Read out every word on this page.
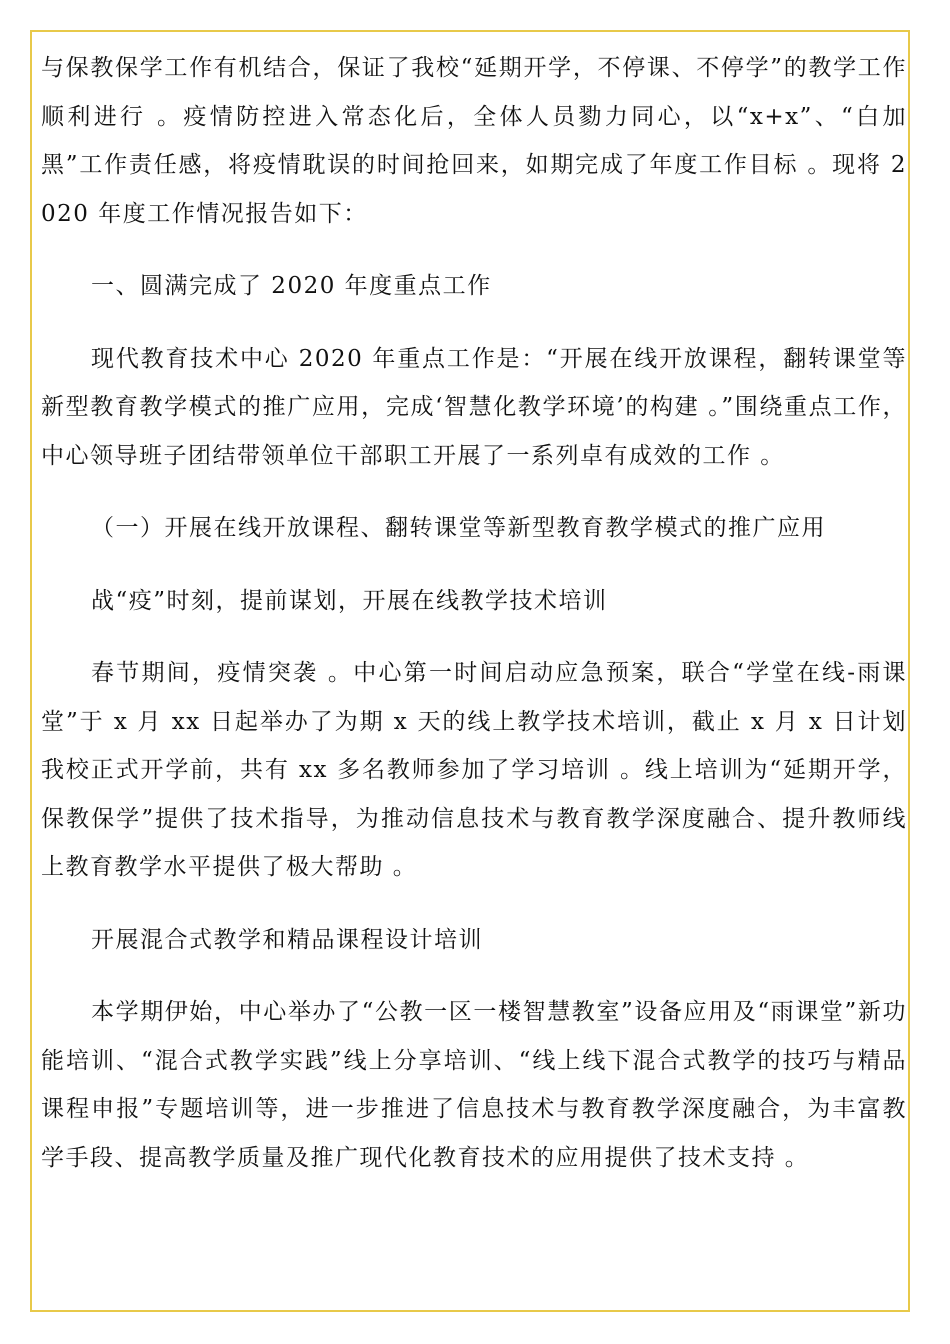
与保教保学工作有机结合，保证了我校“延期开学，不停课、不停学”的教学工作顺利进行 。疫情防控进入常态化后，全体人员勠力同心，以“x+x”、“白加黑”工作责任感，将疫情耽误的时间抢回来，如期完成了年度工作目标 。现将 2020 年度工作情况报告如下：

一、圆满完成了 2020 年度重点工作

现代教育技术中心 2020 年重点工作是：“开展在线开放课程，翻转课堂等新型教育教学模式的推广应用，完成‘智慧化教学环境’的构建 。”围绕重点工作，中心领导班子团结带领单位干部职工开展了一系列卓有成效的工作 。

（一）开展在线开放课程、翻转课堂等新型教育教学模式的推广应用

战“疫”时刻，提前谋划，开展在线教学技术培训

春节期间，疫情突袭 。中心第一时间启动应急预案，联合“学堂在线-雨课堂”于 x 月 xx 日起举办了为期 x 天的线上教学技术培训，截止 x 月 x 日计划我校正式开学前，共有 xx 多名教师参加了学习培训 。线上培训为“延期开学，保教保学”提供了技术指导，为推动信息技术与教育教学深度融合、提升教师线上教育教学水平提供了极大帮助 。

开展混合式教学和精品课程设计培训

本学期伊始，中心举办了“公教一区一楼智慧教室”设备应用及“雨课堂”新功能培训、“混合式教学实践”线上分享培训、“线上线下混合式教学的技巧与精品课程申报”专题培训等，进一步推进了信息技术与教育教学深度融合，为丰富教学手段、提高教学质量及推广现代化教育技术的应用提供了技术支持 。
